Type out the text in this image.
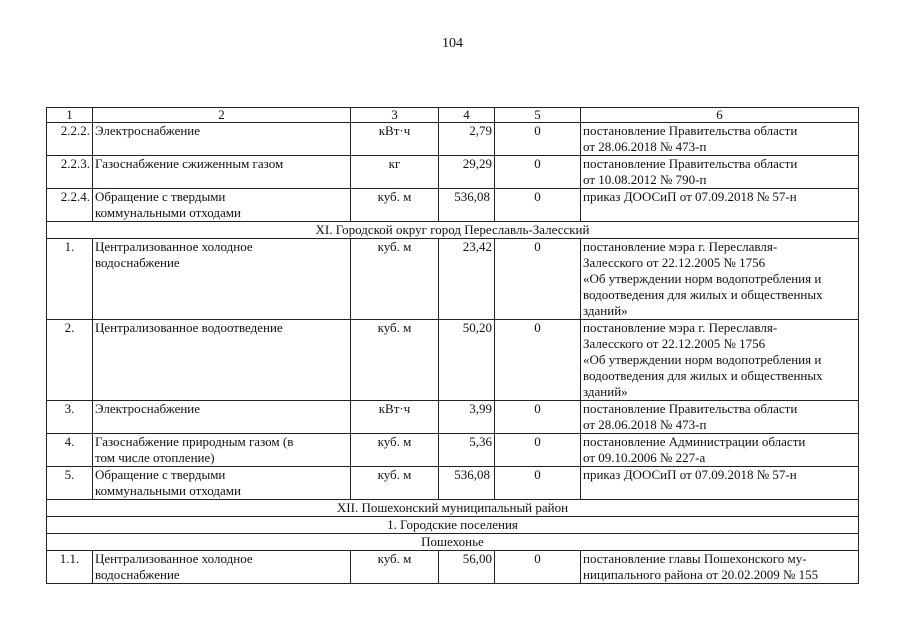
104
1	2	3	4	5	6
2.2.2.	Электроснабжение	кВт·ч	2,79	0	постановление Правительства области
от 28.06.2018 № 473-п

2.2.3.	Газоснабжение сжиженным газом	кг	29,29	0	постановление Правительства области
от 10.08.2012 № 790-п

2.2.4.	Обращение с твердыми
коммунальными отходами	куб. м	536,08	0	приказ ДООСиП от 07.09.2018 № 57-н

XI. Городской округ город Переславль-Залесский					
1.	Централизованное холодное
водоснабжение	куб. м	23,42	0	постановление мэра г. Переславля-
Залесского от 22.12.2005 № 1756
«Об утверждении норм водопотребления и
водоотведения для жилых и общественных
зданий»

2.	Централизованное водоотведение	куб. м	50,20	0	постановление мэра г. Переславля-
Залесского от 22.12.2005 № 1756
«Об утверждении норм водопотребления и
водоотведения для жилых и общественных
зданий»

3.	Электроснабжение	кВт·ч	3,99	0	постановление Правительства области
от 28.06.2018 № 473-п

4.	Газоснабжение природным газом (в
том числе отопление)	куб. м	5,36	0	постановление Администрации области
от 09.10.2006 № 227-а

5.	Обращение с твердыми
коммунальными отходами	куб. м	536,08	0	приказ ДООСиП от 07.09.2018 № 57-н

XII. Пошехонский муниципальный район					
1. Городские поселения					
Пошехонье					
1.1.	Централизованное холодное
водоснабжение	куб. м	56,00	0	постановление главы Пошехонского му-
ниципального района от 20.02.2009 № 155
